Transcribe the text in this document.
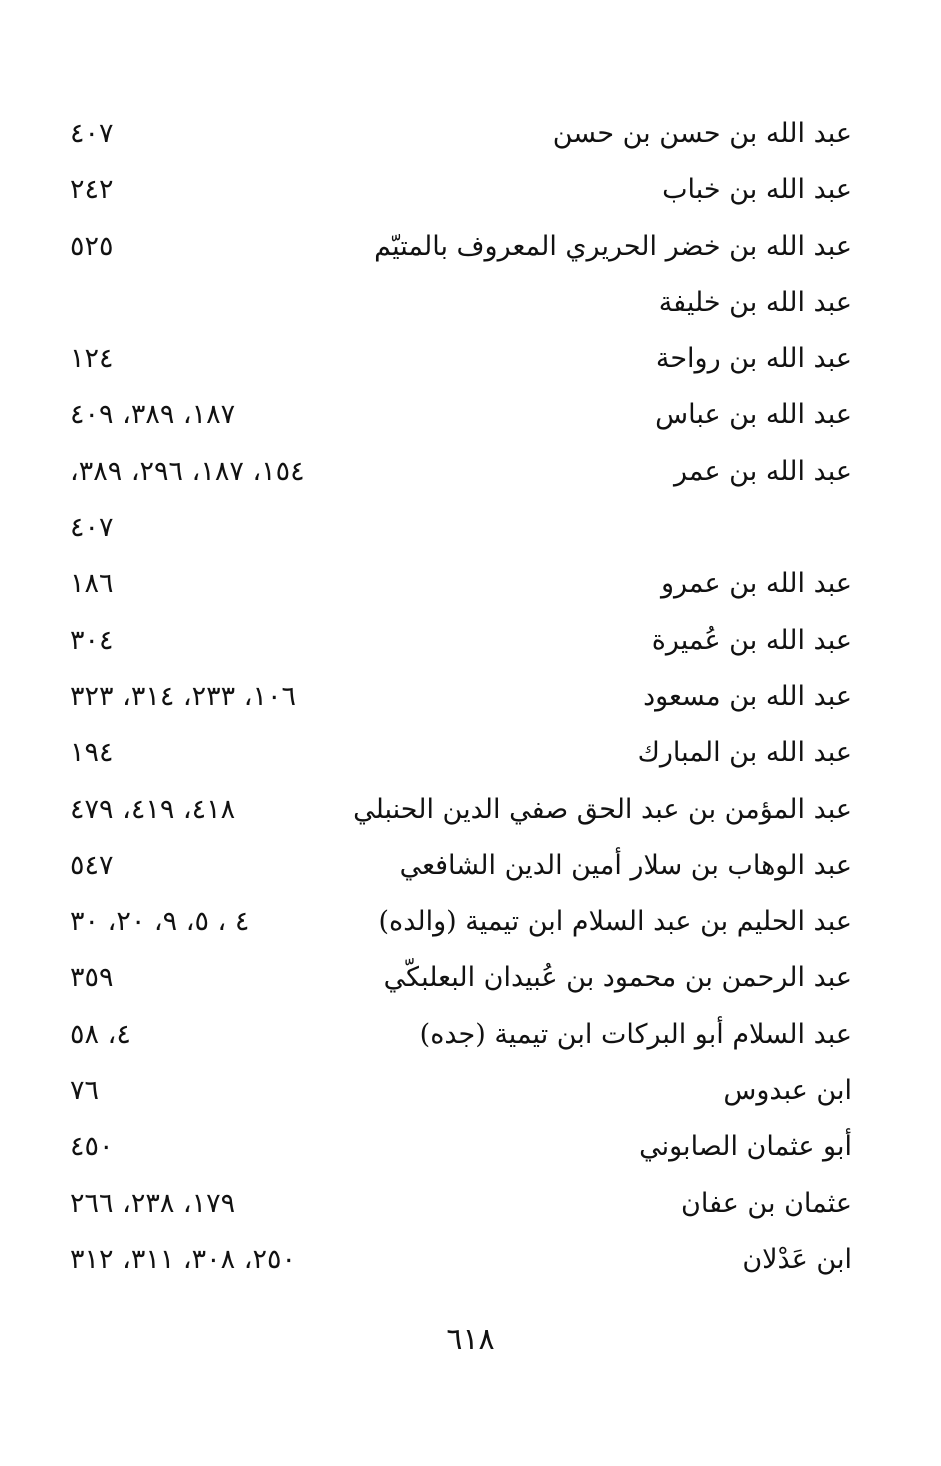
عبد الله بن حسن بن حسن
٤٠٧
عبد الله بن خباب
٢٤٢
عبد الله بن خضر الحريري المعروف بالمتيّم
٥٢٥
عبد الله بن خليفة
عبد الله بن رواحة
١٢٤
عبد الله بن عباس
١٨٧، ٣٨٩، ٤٠٩
عبد الله بن عمر
١٥٤، ١٨٧، ٢٩٦، ٣٨٩،
٤٠٧
عبد الله بن عمرو
١٨٦
عبد الله بن عُميرة
٣٠٤
عبد الله بن مسعود
١٠٦، ٢٣٣، ٣١٤، ٣٢٣
عبد الله بن المبارك
١٩٤
عبد المؤمن بن عبد الحق صفي الدين الحنبلي
٤١٨، ٤١٩، ٤٧٩
عبد الوهاب بن سلار أمين الدين الشافعي
٥٤٧
عبد الحليم بن عبد السلام ابن تيمية (والده)
٤ ، ٥، ٩، ٢٠، ٣٠
عبد الرحمن بن محمود بن عُبيدان البعلبكّي
٣٥٩
عبد السلام أبو البركات ابن تيمية (جده)
٤، ٥٨
ابن عبدوس
٧٦
أبو عثمان الصابوني
٤٥٠
عثمان بن عفان
١٧٩، ٢٣٨، ٢٦٦
ابن عَدْلان
٢٥٠، ٣٠٨، ٣١١، ٣١٢
٦١٨
